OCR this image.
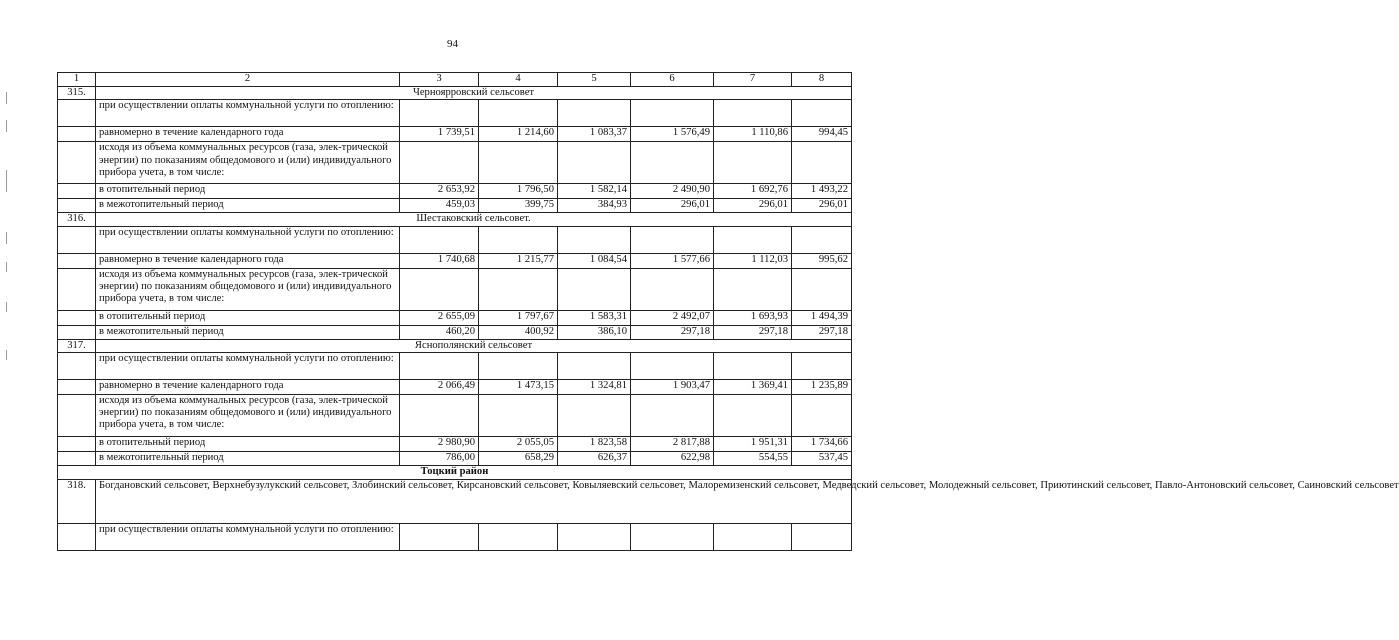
94
1	2	3	4	5	6	7	8
315.	Черноярровский сельсовет						
	при осуществлении оплаты коммунальной услуги по отоплению:						
	равномерно в течение календарного года	1 739,51	1 214,60	1 083,37	1 576,49	1 110,86	994,45
	исходя из объема коммунальных ресурсов (газа, элек-трической энергии) по показаниям общедомового и (или) индивидуального прибора учета, в том числе:						
	в отопительный период	2 653,92	1 796,50	1 582,14	2 490,90	1 692,76	1 493,22
	в межотопительный период	459,03	399,75	384,93	296,01	296,01	296,01
316.	Шестаковский сельсовет.						
	при осуществлении оплаты коммунальной услуги по отоплению:						
	равномерно в течение календарного года	1 740,68	1 215,77	1 084,54	1 577,66	1 112,03	995,62
	исходя из объема коммунальных ресурсов (газа, элек-трической энергии) по показаниям общедомового и (или) индивидуального прибора учета, в том числе:						
	в отопительный период	2 655,09	1 797,67	1 583,31	2 492,07	1 693,93	1 494,39
	в межотопительный период	460,20	400,92	386,10	297,18	297,18	297,18
317.	Яснополянский сельсовет						
	при осуществлении оплаты коммунальной услуги по отоплению:						
	равномерно в течение календарного года	2 066,49	1 473,15	1 324,81	1 903,47	1 369,41	1 235,89
	исходя из объема коммунальных ресурсов (газа, элек-трической энергии) по показаниям общедомового и (или) индивидуального прибора учета, в том числе:						
	в отопительный период	2 980,90	2 055,05	1 823,58	2 817,88	1 951,31	1 734,66
	в межотопительный период	786,00	658,29	626,37	622,98	554,55	537,45
Тоцкий район							
318.	Богдановский сельсовет, Верхнебузулукский сельсовет, Злобинский сельсовет, Кирсановский сельсовет, Ковыляевский сельсовет, Малоремизенский сельсовет, Медведский сельсовет, Молодежный сельсовет, Приютинский сельсовет, Павло-Антоновский сельсовет, Саиновский сельсовет						
	при осуществлении оплаты коммунальной услуги по отоплению:						
